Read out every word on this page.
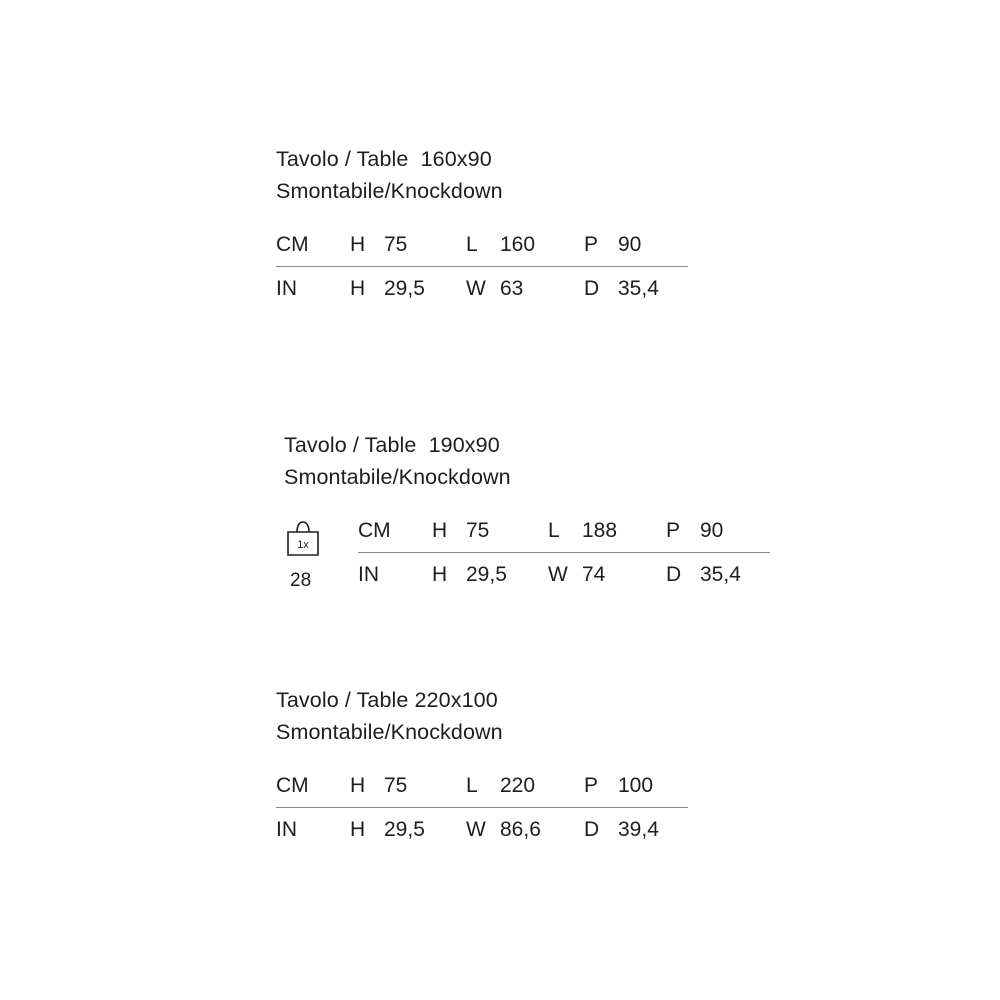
Tavolo / Table  160x90
Smontabile/Knockdown
CM	H 75	L	160	P 90
IN	H 29,5	W 63	D 35,4
Tavolo / Table  190x90
Smontabile/Knockdown
1x
28
CM	H 75	L	188	P 90
IN	H 29,5	W 74	D 35,4
Tavolo / Table 220x100
Smontabile/Knockdown
CM	H 75	L	220	P 100
IN	H 29,5	W 86,6	D 39,4
